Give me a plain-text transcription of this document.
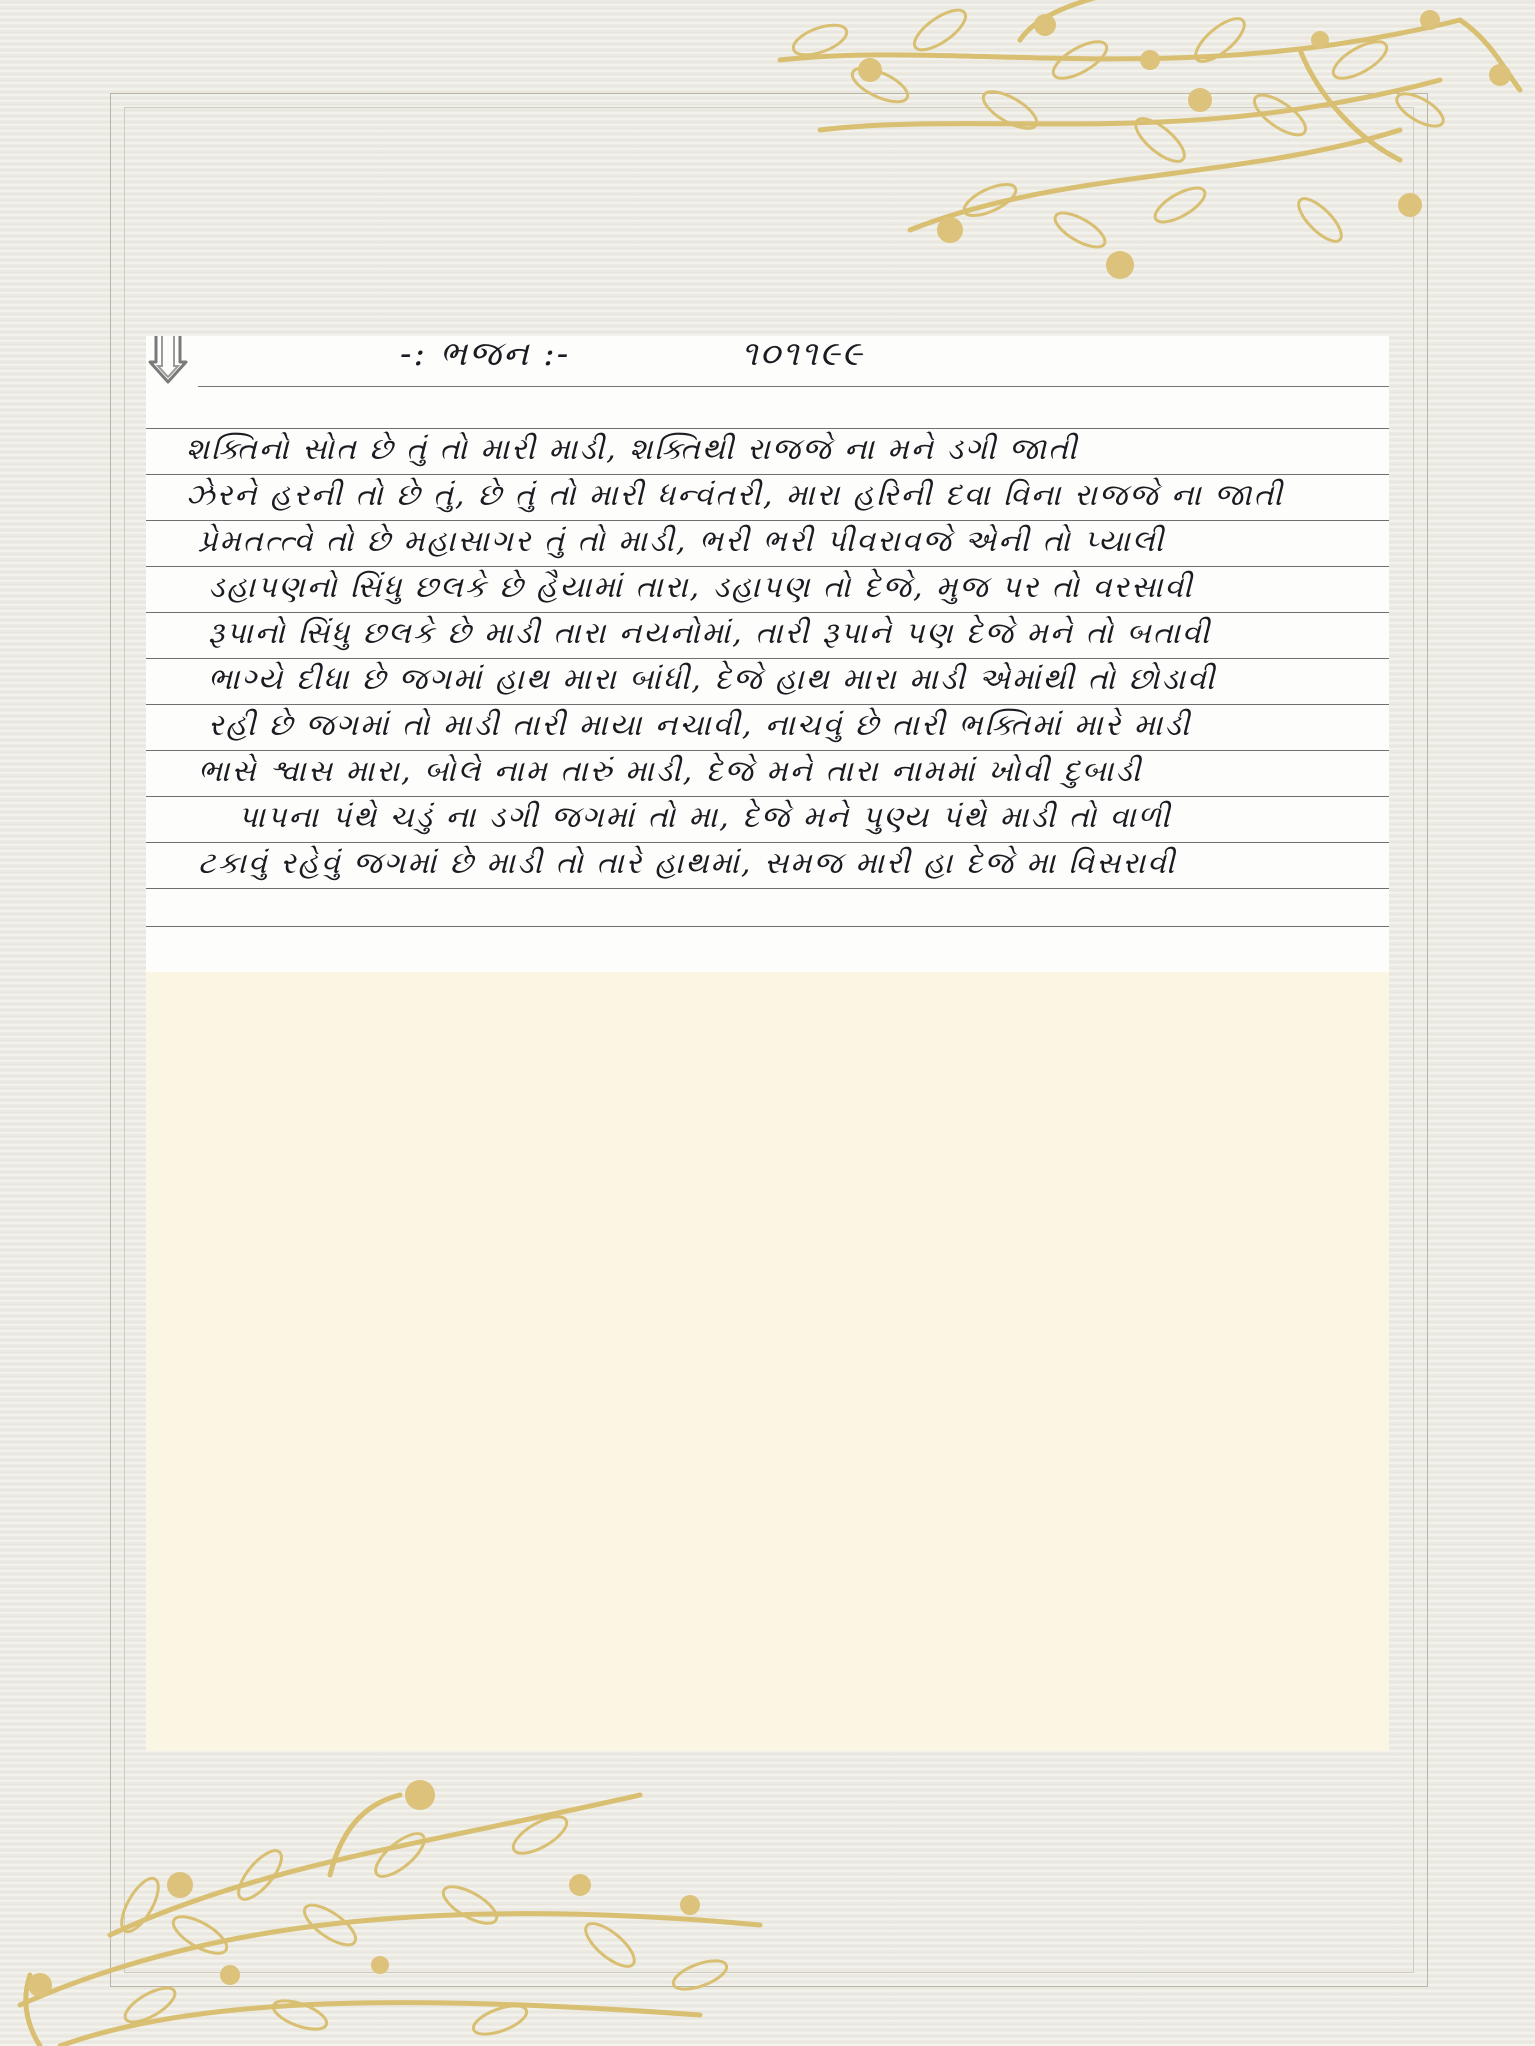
-: ભજન :-	૧૦૧૧૯૯
શક્તિનો સોત છે તું તો મારી માડી, શક્તિથી રાજજે ના મને ડગી જાતી
ઝેરને હરની તો છે તું, છે તું તો મારી ધન્વંતરી, મારા હરિની દવા વિના રાજજે ના જાતી
પ્રેમતત્ત્વે તો છે મહાસાગર તું તો માડી, ભરી ભરી પીવરાવજે એની તો પ્યાલી
ડહાપણનો સિંધુ છલકે છે હૈયામાં તારા, ડહાપણ તો દેજે, મુજ પર તો વરસાવી
રૂપાનો સિંધુ છલકે છે માડી તારા નયનોમાં, તારી રૂપાને પણ દેજે મને તો બતાવી
ભાગ્યે દીધા છે જગમાં હાથ મારા બાંધી, દેજે હાથ મારા માડી એમાંથી તો છોડાવી
રહી છે જગમાં તો માડી તારી માયા નચાવી, નાચવું છે તારી ભક્તિમાં મારે માડી
ભાસે શ્વાસ મારા, બોલે નામ તારું માડી, દેજે મને તારા નામમાં ખોવી દુબાડી
પાપના પંથે ચડું ના ડગી જગમાં તો મા, દેજે મને પુણ્ય પંથે માડી તો વાળી
ટકાવું રહેવું જગમાં છે માડી તો તારે હાથમાં, સમજ મારી હા દેજે મા વિસરાવી
